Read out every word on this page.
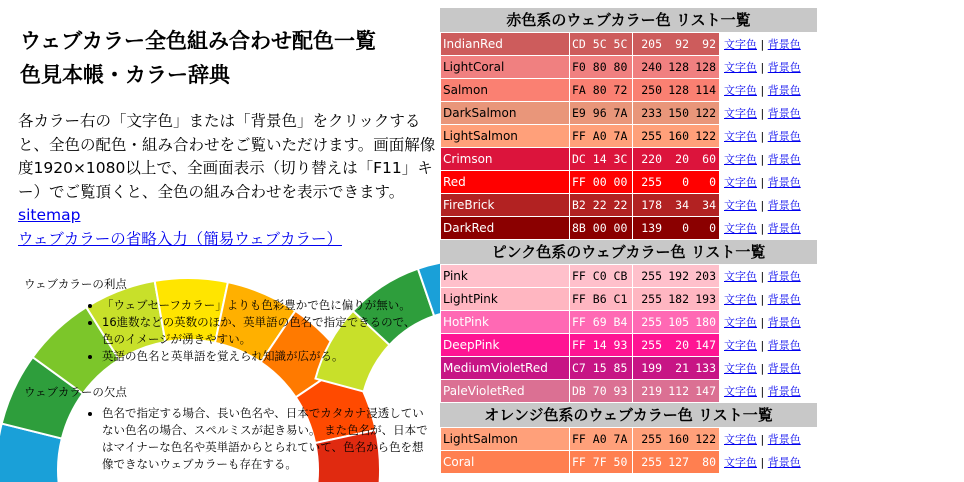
ウェブカラー全色組み合わせ配色一覧
色見本帳・カラー辞典

各カラー右の「文字色」または「背景色」をクリックすると、全色の配色・組み合わせをご覧いただけます。画面解像度1920×1080以上で、全画面表示（切り替えは「F11」キー）でご覧頂くと、全色の組み合わせを表示できます。 sitemap
ウェブカラーの省略入力（簡易ウェブカラー）

ウェブカラーの利点
• 「ウェブセーフカラー」よりも色彩豊かで色に偏りが無い。
• 16進数などの英数のほか、英単語の色名で指定できるので、色のイメージが湧きやすい。
• 英語の色名と英単語を覚えられ知識が広がる。
ウェブカラーの欠点
• 色名で指定する場合、長い色名や、日本でカタカナ浸透していない色名の場合、スペルミスが起き易い。 また色名が、日本ではマイナーな色名や英単語からとられていて、色名から色を想像できないウェブカラーも存在する。
赤色系のウェブカラー色 リスト一覧
IndianRed	CD 5C 5C	205 92 92	文字色 | 背景色
LightCoral	F0 80 80	240 128 128	文字色 | 背景色
Salmon	FA 80 72	250 128 114	文字色 | 背景色
DarkSalmon	E9 96 7A	233 150 122	文字色 | 背景色
LightSalmon	FF A0 7A	255 160 122	文字色 | 背景色
Crimson	DC 14 3C	220 20 60	文字色 | 背景色
Red	FF 00 00	255 0 0	文字色 | 背景色
FireBrick	B2 22 22	178 34 34	文字色 | 背景色
DarkRed	8B 00 00	139 0 0	文字色 | 背景色
ピンク色系のウェブカラー色 リスト一覧
Pink	FF C0 CB	255 192 203	文字色 | 背景色
LightPink	FF B6 C1	255 182 193	文字色 | 背景色
HotPink	FF 69 B4	255 105 180	文字色 | 背景色
DeepPink	FF 14 93	255 20 147	文字色 | 背景色
MediumVioletRed	C7 15 85	199 21 133	文字色 | 背景色
PaleVioletRed	DB 70 93	219 112 147	文字色 | 背景色
オレンジ色系のウェブカラー色 リスト一覧
LightSalmon	FF A0 7A	255 160 122	文字色 | 背景色
Coral	FF 7F 50	255 127 80	文字色 | 背景色
